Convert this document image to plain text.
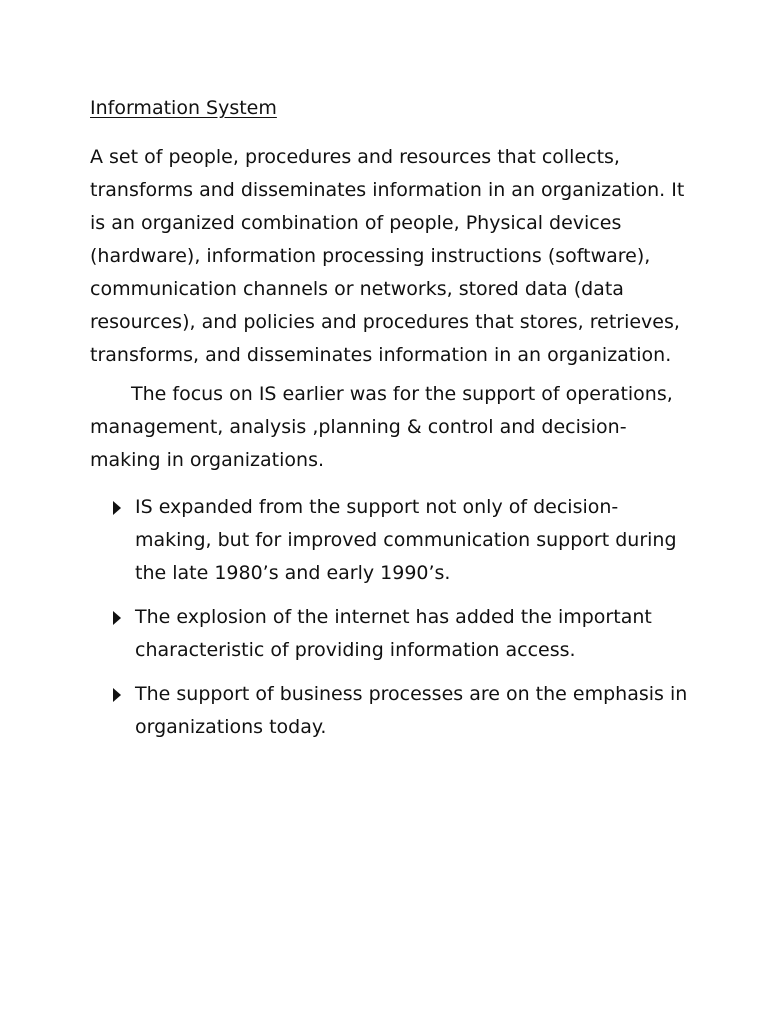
Information System

A set of people, procedures and resources that collects, transforms and disseminates information in an organization. It is an organized combination of people, Physical devices (hardware), information processing instructions (software), communication channels or networks, stored data (data resources), and policies and procedures that stores, retrieves, transforms, and disseminates information in an organization.

The focus on IS earlier was for the support of operations, management, analysis ,planning & control and decision-making in organizations.

IS expanded from the support not only of decision-making, but for improved communication support during the late 1980’s and early 1990’s.
The explosion of the internet has added the important characteristic of providing information access.
The support of business processes are on the emphasis in organizations today.
